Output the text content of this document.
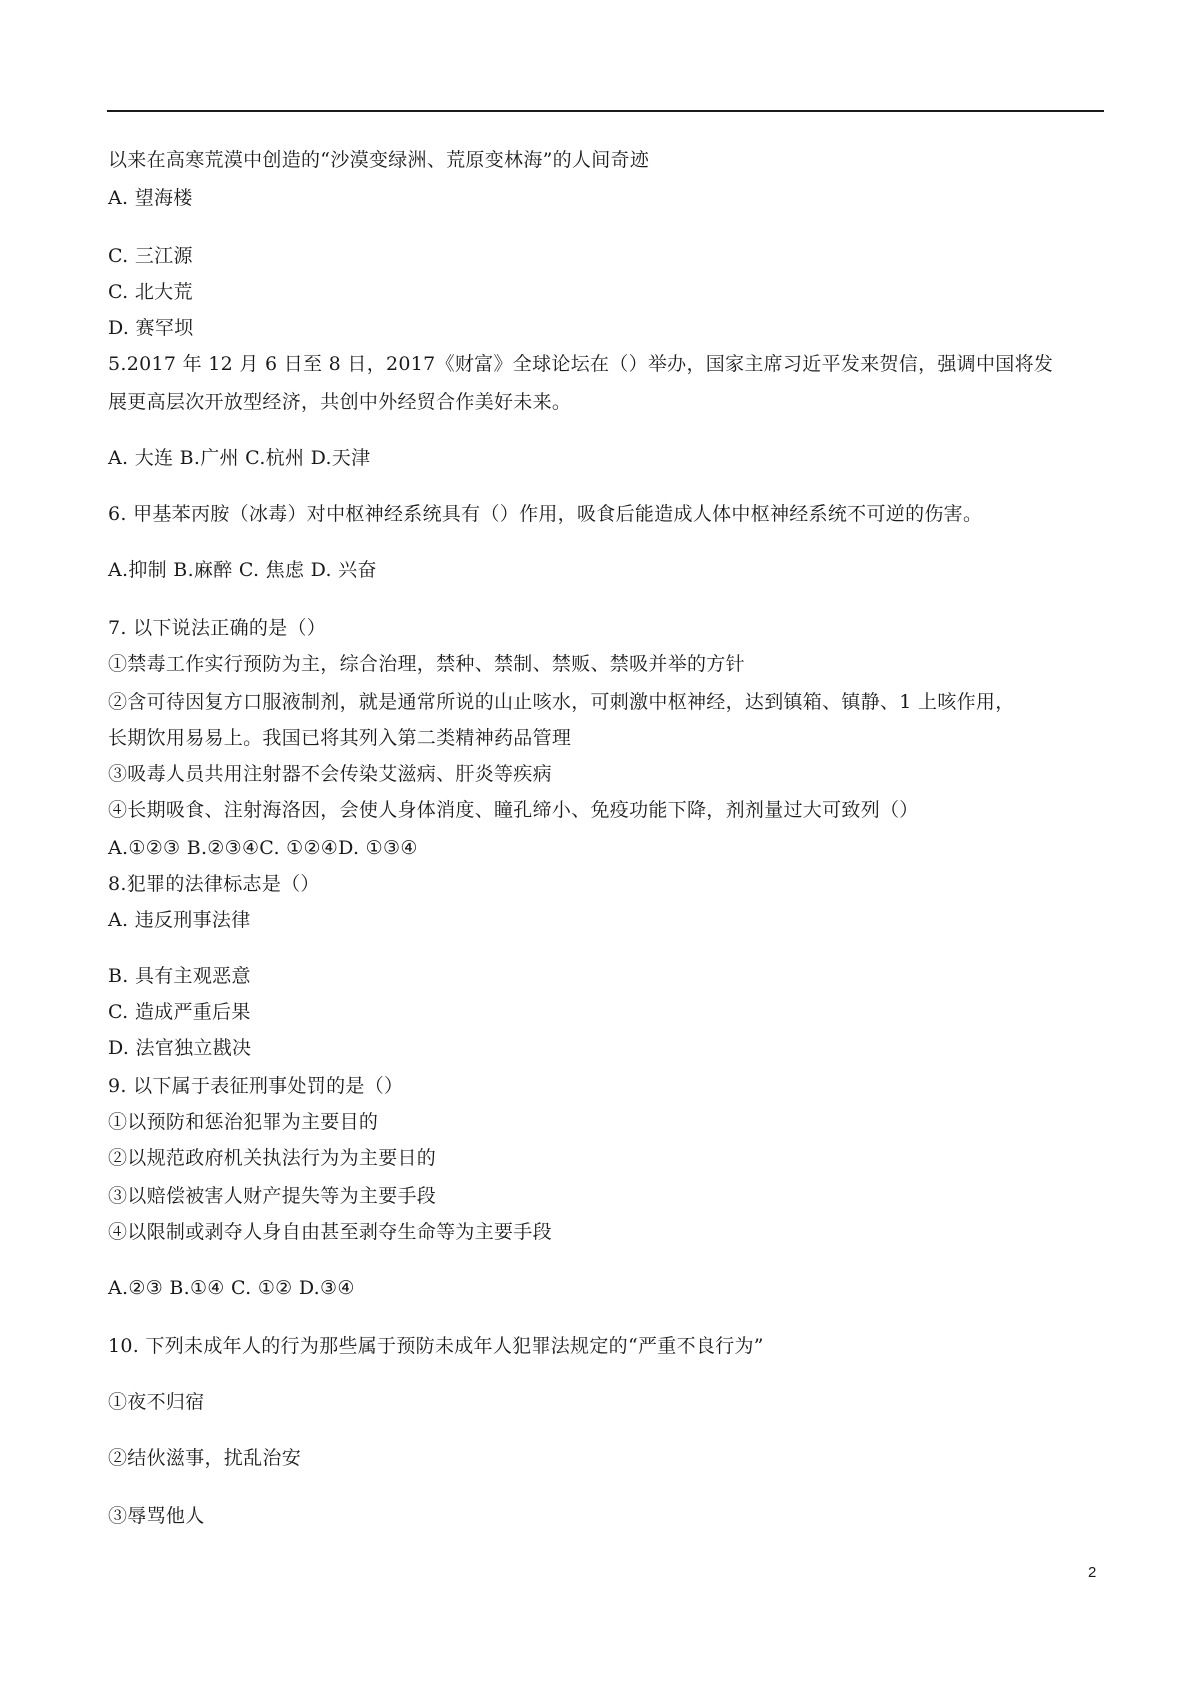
以来在高寒荒漠中创造的“沙漠变绿洲、荒原变林海”的人间奇迹
A. 望海楼
C. 三江源
C. 北大荒
D. 赛罕坝
5.2017 年 12 月 6 日至 8 日，2017《财富》全球论坛在（）举办，国家主席习近平发来贺信，强调中国将发
展更高层次开放型经济，共创中外经贸合作美好未来。
A. 大连 B.广州 C.杭州 D.天津
6. 甲基苯丙胺（冰毒）对中枢神经系统具有（）作用，吸食后能造成人体中枢神经系统不可逆的伤害。
A.抑制 B.麻醉 C. 焦虑 D. 兴奋
7. 以下说法正确的是（）
①禁毒工作实行预防为主，综合治理，禁种、禁制、禁贩、禁吸并举的方针
②含可待因复方口服液制剂，就是通常所说的山止咳水，可刺激中枢神经，达到镇箱、镇静、1 上咳作用，
长期饮用易易上。我国已将其列入第二类精神药品管理
③吸毒人员共用注射器不会传染艾滋病、肝炎等疾病
④长期吸食、注射海洛因，会使人身体消度、瞳孔缔小、免疫功能下降，剂剂量过大可致列（）
A.①②③ B.②③④C. ①②④D. ①③④
8.犯罪的法律标志是（）
A. 违反刑事法律
B. 具有主观恶意
C. 造成严重后果
D. 法官独立戡决
9. 以下属于表征刑事处罚的是（）
①以预防和惩治犯罪为主要目的
②以规范政府机关执法行为为主要日的
③以赔偿被害人财产提失等为主要手段
④以限制或剥夺人身自由甚至剥夺生命等为主要手段
A.②③ B.①④ C. ①② D.③④
10. 下列未成年人的行为那些属于预防未成年人犯罪法规定的“严重不良行为”
①夜不归宿
②结伙滋事，扰乱治安
③辱骂他人
2
